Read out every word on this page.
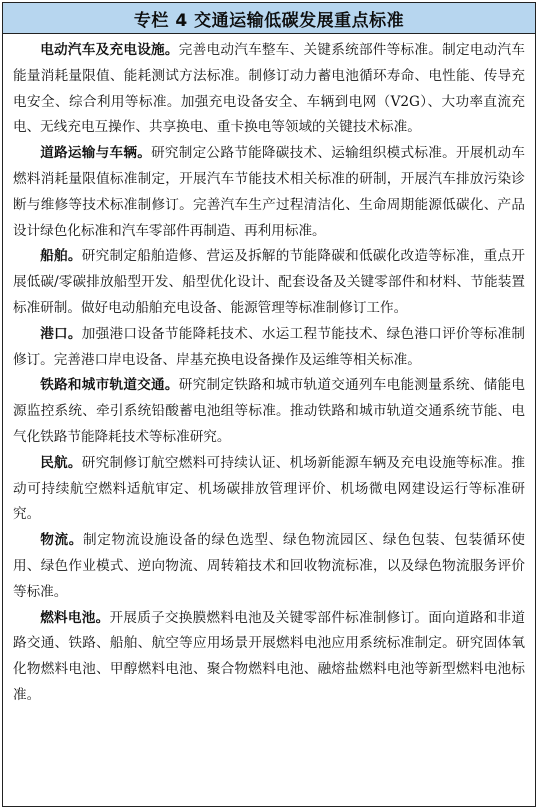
专栏 4 交通运输低碳发展重点标准

电动汽车及充电设施。完善电动汽车整车、关键系统部件等标准。制定电动汽车能量消耗量限值、能耗测试方法标准。制修订动力蓄电池循环寿命、电性能、传导充电安全、综合利用等标准。加强充电设备安全、车辆到电网（V2G）、大功率直流充电、无线充电互操作、共享换电、重卡换电等领域的关键技术标准。

道路运输与车辆。研究制定公路节能降碳技术、运输组织模式标准。开展机动车燃料消耗量限值标准制定，开展汽车节能技术相关标准的研制，开展汽车排放污染诊断与维修等技术标准制修订。完善汽车生产过程清洁化、生命周期能源低碳化、产品设计绿色化标准和汽车零部件再制造、再利用标准。

船舶。研究制定船舶造修、营运及拆解的节能降碳和低碳化改造等标准，重点开展低碳/零碳排放船型开发、船型优化设计、配套设备及关键零部件和材料、节能装置标准研制。做好电动船舶充电设备、能源管理等标准制修订工作。

港口。加强港口设备节能降耗技术、水运工程节能技术、绿色港口评价等标准制修订。完善港口岸电设备、岸基充换电设备操作及运维等相关标准。

铁路和城市轨道交通。研究制定铁路和城市轨道交通列车电能测量系统、储能电源监控系统、牵引系统铅酸蓄电池组等标准。推动铁路和城市轨道交通系统节能、电气化铁路节能降耗技术等标准研究。

民航。研究制修订航空燃料可持续认证、机场新能源车辆及充电设施等标准。推动可持续航空燃料适航审定、机场碳排放管理评价、机场微电网建设运行等标准研究。

物流。制定物流设施设备的绿色选型、绿色物流园区、绿色包装、包装循环使用、绿色作业模式、逆向物流、周转箱技术和回收物流标准，以及绿色物流服务评价等标准。

燃料电池。开展质子交换膜燃料电池及关键零部件标准制修订。面向道路和非道路交通、铁路、船舶、航空等应用场景开展燃料电池应用系统标准制定。研究固体氧化物燃料电池、甲醇燃料电池、聚合物燃料电池、融熔盐燃料电池等新型燃料电池标准。
